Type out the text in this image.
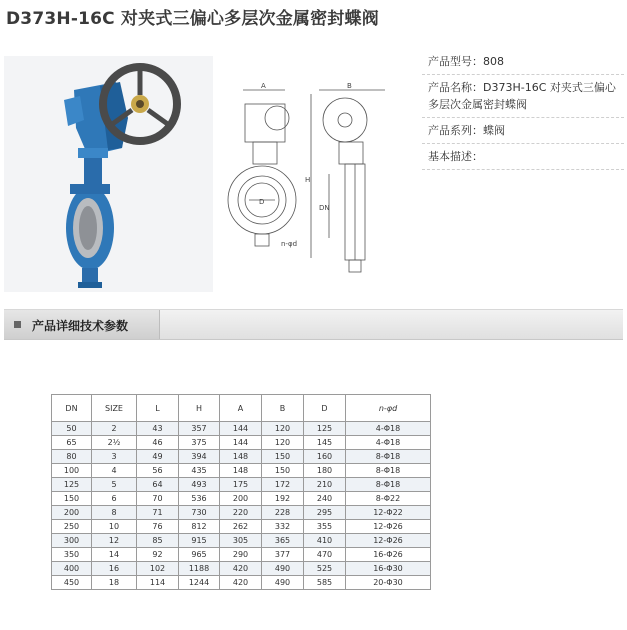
D373H-16C 对夹式三偏心多层次金属密封蝶阀
A
D
n-φd
B
DN
H
产品型号：808
产品名称：D373H-16C 对夹式三偏心多层次金属密封蝶阀
产品系列：蝶阀
基本描述：
产品详细技术参数
DN	SIZE	L	H	A	B	D	n-φd
50	2	43	357	144	120	125	4-Φ18
65	2½	46	375	144	120	145	4-Φ18
80	3	49	394	148	150	160	8-Φ18
100	4	56	435	148	150	180	8-Φ18
125	5	64	493	175	172	210	8-Φ18
150	6	70	536	200	192	240	8-Φ22
200	8	71	730	220	228	295	12-Φ22
250	10	76	812	262	332	355	12-Φ26
300	12	85	915	305	365	410	12-Φ26
350	14	92	965	290	377	470	16-Φ26
400	16	102	1188	420	490	525	16-Φ30
450	18	114	1244	420	490	585	20-Φ30
